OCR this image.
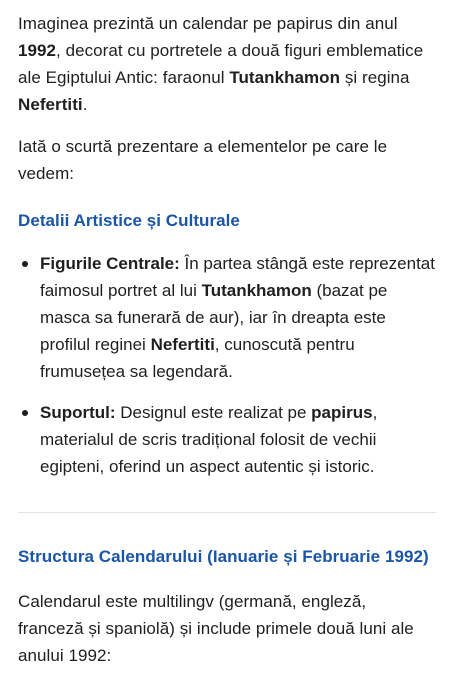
Imaginea prezintă un calendar pe papirus din anul 1992, decorat cu portretele a două figuri emblematice ale Egiptului Antic: faraonul Tutankhamon și regina Nefertiti.

Iată o scurtă prezentare a elementelor pe care le vedem:

Detalii Artistice și Culturale
Figurile Centrale: În partea stângă este reprezentat faimosul portret al lui Tutankhamon (bazat pe masca sa funerară de aur), iar în dreapta este profilul reginei Nefertiti, cunoscută pentru frumusețea sa legendară.
Suportul: Designul este realizat pe papirus, materialul de scris tradițional folosit de vechii egipteni, oferind un aspect autentic și istoric.
Structura Calendarului (Ianuarie și Februarie 1992)

Calendarul este multilingv (germană, engleză, franceză și spaniolă) și include primele două luni ale anului 1992:
